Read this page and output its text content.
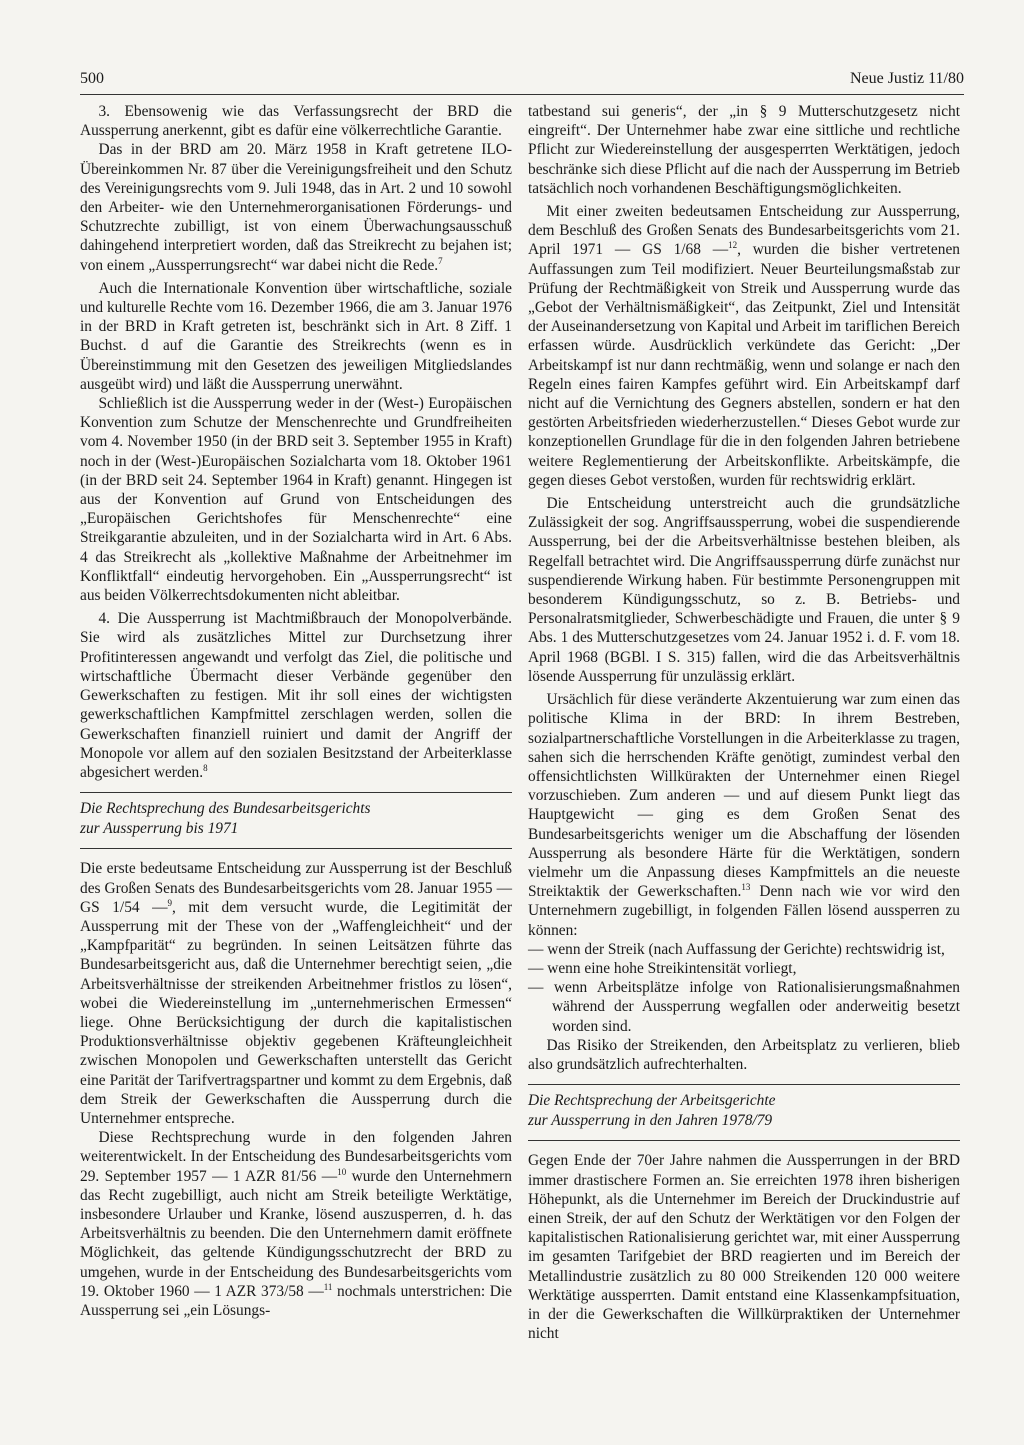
500	Neue Justiz 11/80

3. Ebensowenig wie das Verfassungsrecht der BRD die Aussperrung anerkennt, gibt es dafür eine völkerrechtliche Garantie.

Das in der BRD am 20. März 1958 in Kraft getretene ILO-Übereinkommen Nr. 87 über die Vereinigungsfreiheit und den Schutz des Vereinigungsrechts vom 9. Juli 1948, das in Art. 2 und 10 sowohl den Arbeiter- wie den Unternehmerorganisationen Förderungs- und Schutzrechte zubilligt, ist von einem Überwachungsausschuß dahingehend interpretiert worden, daß das Streikrecht zu bejahen ist; von einem „Aussperrungsrecht“ war dabei nicht die Rede.$^7$

Auch die Internationale Konvention über wirtschaftliche, soziale und kulturelle Rechte vom 16. Dezember 1966, die am 3. Januar 1976 in der BRD in Kraft getreten ist, beschränkt sich in Art. 8 Ziff. 1 Buchst. d auf die Garantie des Streikrechts (wenn es in Übereinstimmung mit den Gesetzen des jeweiligen Mitgliedslandes ausgeübt wird) und läßt die Aussperrung unerwähnt.

Schließlich ist die Aussperrung weder in der (West-) Europäischen Konvention zum Schutze der Menschenrechte und Grundfreiheiten vom 4. November 1950 (in der BRD seit 3. September 1955 in Kraft) noch in der (West-)Europäischen Sozialcharta vom 18. Oktober 1961 (in der BRD seit 24. September 1964 in Kraft) genannt. Hingegen ist aus der Konvention auf Grund von Entscheidungen des „Europäischen Gerichtshofes für Menschenrechte“ eine Streikgarantie abzuleiten, und in der Sozialcharta wird in Art. 6 Abs. 4 das Streikrecht als „kollektive Maßnahme der Arbeitnehmer im Konfliktfall“ eindeutig hervorgehoben. Ein „Aussperrungsrecht“ ist aus beiden Völkerrechtsdokumenten nicht ableitbar.

4. Die Aussperrung ist Machtmißbrauch der Monopolverbände. Sie wird als zusätzliches Mittel zur Durchsetzung ihrer Profitinteressen angewandt und verfolgt das Ziel, die politische und wirtschaftliche Übermacht dieser Verbände gegenüber den Gewerkschaften zu festigen. Mit ihr soll eines der wichtigsten gewerkschaftlichen Kampfmittel zerschlagen werden, sollen die Gewerkschaften finanziell ruiniert und damit der Angriff der Monopole vor allem auf den sozialen Besitzstand der Arbeiterklasse abgesichert werden.$^8$

Die Rechtsprechung des Bundesarbeitsgerichts
zur Aussperrung bis 1971

Die erste bedeutsame Entscheidung zur Aussperrung ist der Beschluß des Großen Senats des Bundesarbeitsgerichts vom 28. Januar 1955 — GS 1/54 —$^9$, mit dem versucht wurde, die Legitimität der Aussperrung mit der These von der „Waffengleichheit“ und der „Kampfparität“ zu begründen. In seinen Leitsätzen führte das Bundesarbeitsgericht aus, daß die Unternehmer berechtigt seien, „die Arbeitsverhältnisse der streikenden Arbeitnehmer fristlos zu lösen“, wobei die Wiedereinstellung im „unternehmerischen Ermessen“ liege. Ohne Berücksichtigung der durch die kapitalistischen Produktionsverhältnisse objektiv gegebenen Kräfteungleichheit zwischen Monopolen und Gewerkschaften unterstellt das Gericht eine Parität der Tarifvertragspartner und kommt zu dem Ergebnis, daß dem Streik der Gewerkschaften die Aussperrung durch die Unternehmer entspreche.

Diese Rechtsprechung wurde in den folgenden Jahren weiterentwickelt. In der Entscheidung des Bundesarbeitsgerichts vom 29. September 1957 — 1 AZR 81/56 —$^{10}$ wurde den Unternehmern das Recht zugebilligt, auch nicht am Streik beteiligte Werktätige, insbesondere Urlauber und Kranke, lösend auszusperren, d. h. das Arbeitsverhältnis zu beenden. Die den Unternehmern damit eröffnete Möglichkeit, das geltende Kündigungsschutzrecht der BRD zu umgehen, wurde in der Entscheidung des Bundesarbeitsgerichts vom 19. Oktober 1960 — 1 AZR 373/58 —$^{11}$ nochmals unterstrichen: Die Aussperrung sei „ein Lösungs-

tatbestand sui generis“, der „in § 9 Mutterschutzgesetz nicht eingreift“. Der Unternehmer habe zwar eine sittliche und rechtliche Pflicht zur Wiedereinstellung der ausgesperrten Werktätigen, jedoch beschränke sich diese Pflicht auf die nach der Aussperrung im Betrieb tatsächlich noch vorhandenen Beschäftigungsmöglichkeiten.

Mit einer zweiten bedeutsamen Entscheidung zur Aussperrung, dem Beschluß des Großen Senats des Bundesarbeitsgerichts vom 21. April 1971 — GS 1/68 —$^{12}$, wurden die bisher vertretenen Auffassungen zum Teil modifiziert. Neuer Beurteilungsmaßstab zur Prüfung der Rechtmäßigkeit von Streik und Aussperrung wurde das „Gebot der Verhältnismäßigkeit“, das Zeitpunkt, Ziel und Intensität der Auseinandersetzung von Kapital und Arbeit im tariflichen Bereich erfassen würde. Ausdrücklich verkündete das Gericht: „Der Arbeitskampf ist nur dann rechtmäßig, wenn und solange er nach den Regeln eines fairen Kampfes geführt wird. Ein Arbeitskampf darf nicht auf die Vernichtung des Gegners abstellen, sondern er hat den gestörten Arbeitsfrieden wiederherzustellen.“ Dieses Gebot wurde zur konzeptionellen Grundlage für die in den folgenden Jahren betriebene weitere Reglementierung der Arbeitskonflikte. Arbeitskämpfe, die gegen dieses Gebot verstoßen, wurden für rechtswidrig erklärt.

Die Entscheidung unterstreicht auch die grundsätzliche Zulässigkeit der sog. Angriffsaussperrung, wobei die suspendierende Aussperrung, bei der die Arbeitsverhältnisse bestehen bleiben, als Regelfall betrachtet wird. Die Angriffsaussperrung dürfe zunächst nur suspendierende Wirkung haben. Für bestimmte Personengruppen mit besonderem Kündigungsschutz, so z. B. Betriebs- und Personalratsmitglieder, Schwerbeschädigte und Frauen, die unter § 9 Abs. 1 des Mutterschutzgesetzes vom 24. Januar 1952 i. d. F. vom 18. April 1968 (BGBl. I S. 315) fallen, wird die das Arbeitsverhältnis lösende Aussperrung für unzulässig erklärt.

Ursächlich für diese veränderte Akzentuierung war zum einen das politische Klima in der BRD: In ihrem Bestreben, sozialpartnerschaftliche Vorstellungen in die Arbeiterklasse zu tragen, sahen sich die herrschenden Kräfte genötigt, zumindest verbal den offensichtlichsten Willkürakten der Unternehmer einen Riegel vorzuschieben. Zum anderen — und auf diesem Punkt liegt das Hauptgewicht — ging es dem Großen Senat des Bundesarbeitsgerichts weniger um die Abschaffung der lösenden Aussperrung als besondere Härte für die Werktätigen, sondern vielmehr um die Anpassung dieses Kampfmittels an die neueste Streiktaktik der Gewerkschaften.$^{13}$ Denn nach wie vor wird den Unternehmern zugebilligt, in folgenden Fällen lösend aussperren zu können:

— wenn der Streik (nach Auffassung der Gerichte) rechtswidrig ist,

— wenn eine hohe Streikintensität vorliegt,

— wenn Arbeitsplätze infolge von Rationalisierungsmaßnahmen während der Aussperrung wegfallen oder anderweitig besetzt worden sind.

Das Risiko der Streikenden, den Arbeitsplatz zu verlieren, blieb also grundsätzlich aufrechterhalten.

Die Rechtsprechung der Arbeitsgerichte
zur Aussperrung in den Jahren 1978/79

Gegen Ende der 70er Jahre nahmen die Aussperrungen in der BRD immer drastischere Formen an. Sie erreichten 1978 ihren bisherigen Höhepunkt, als die Unternehmer im Bereich der Druckindustrie auf einen Streik, der auf den Schutz der Werktätigen vor den Folgen der kapitalistischen Rationalisierung gerichtet war, mit einer Aussperrung im gesamten Tarifgebiet der BRD reagierten und im Bereich der Metallindustrie zusätzlich zu 80 000 Streikenden 120 000 weitere Werktätige aussperrten. Damit entstand eine Klassenkampfsituation, in der die Gewerkschaften die Willkürpraktiken der Unternehmer nicht
